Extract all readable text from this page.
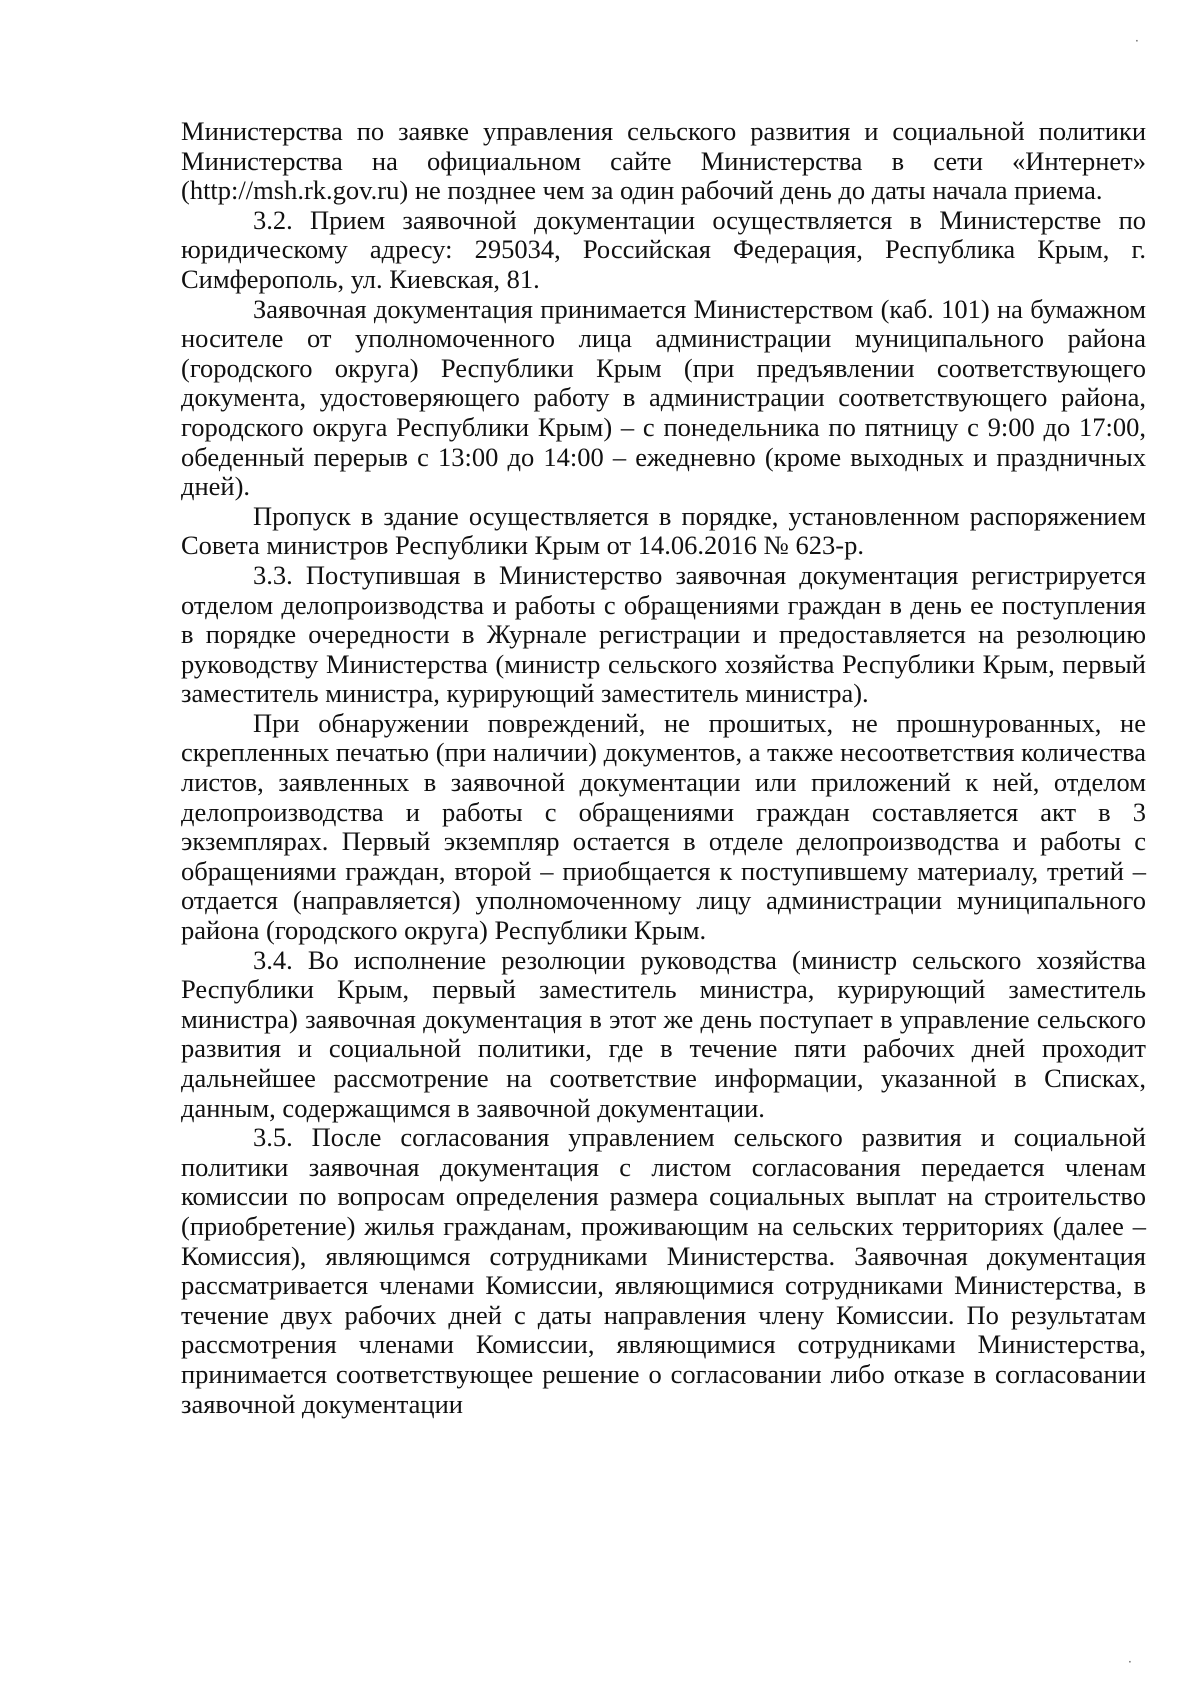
Министерства по заявке управления сельского развития и социальной политики Министерства на официальном сайте Министерства в сети «Интернет» (http://msh.rk.gov.ru) не позднее чем за один рабочий день до даты начала приема.

3.2. Прием заявочной документации осуществляется в Министерстве по юридическому адресу: 295034, Российская Федерация, Республика Крым, г. Симферополь, ул. Киевская, 81.

Заявочная документация принимается Министерством (каб. 101) на бумажном носителе от уполномоченного лица администрации муниципального района (городского округа) Республики Крым (при предъявлении соответствующего документа, удостоверяющего работу в администрации соответствующего района, городского округа Республики Крым) – с понедельника по пятницу с 9:00 до 17:00, обеденный перерыв с 13:00 до 14:00 – ежедневно (кроме выходных и праздничных дней).

Пропуск в здание осуществляется в порядке, установленном распоряжением Совета министров Республики Крым от 14.06.2016 № 623-р.

3.3. Поступившая в Министерство заявочная документация регистрируется отделом делопроизводства и работы с обращениями граждан в день ее поступления в порядке очередности в Журнале регистрации и предоставляется на резолюцию руководству Министерства (министр сельского хозяйства Республики Крым, первый заместитель министра, курирующий заместитель министра).

При обнаружении повреждений, не прошитых, не прошнурованных, не скрепленных печатью (при наличии) документов, а также несоответствия количества листов, заявленных в заявочной документации или приложений к ней, отделом делопроизводства и работы с обращениями граждан составляется акт в 3 экземплярах. Первый экземпляр остается в отделе делопроизводства и работы с обращениями граждан, второй – приобщается к поступившему материалу, третий – отдается (направляется) уполномоченному лицу администрации муниципального района (городского округа) Республики Крым.

3.4. Во исполнение резолюции руководства (министр сельского хозяйства Республики Крым, первый заместитель министра, курирующий заместитель министра) заявочная документация в этот же день поступает в управление сельского развития и социальной политики, где в течение пяти рабочих дней проходит дальнейшее рассмотрение на соответствие информации, указанной в Списках, данным, содержащимся в заявочной документации.

3.5. После согласования управлением сельского развития и социальной политики заявочная документация с листом согласования передается членам комиссии по вопросам определения размера социальных выплат на строительство (приобретение) жилья гражданам, проживающим на сельских территориях (далее – Комиссия), являющимся сотрудниками Министерства. Заявочная документация рассматривается членами Комиссии, являющимися сотрудниками Министерства, в течение двух рабочих дней с даты направления члену Комиссии. По результатам рассмотрения членами Комиссии, являющимися сотрудниками Министерства, принимается соответствующее решение о согласовании либо отказе в согласовании заявочной документации

·
·
